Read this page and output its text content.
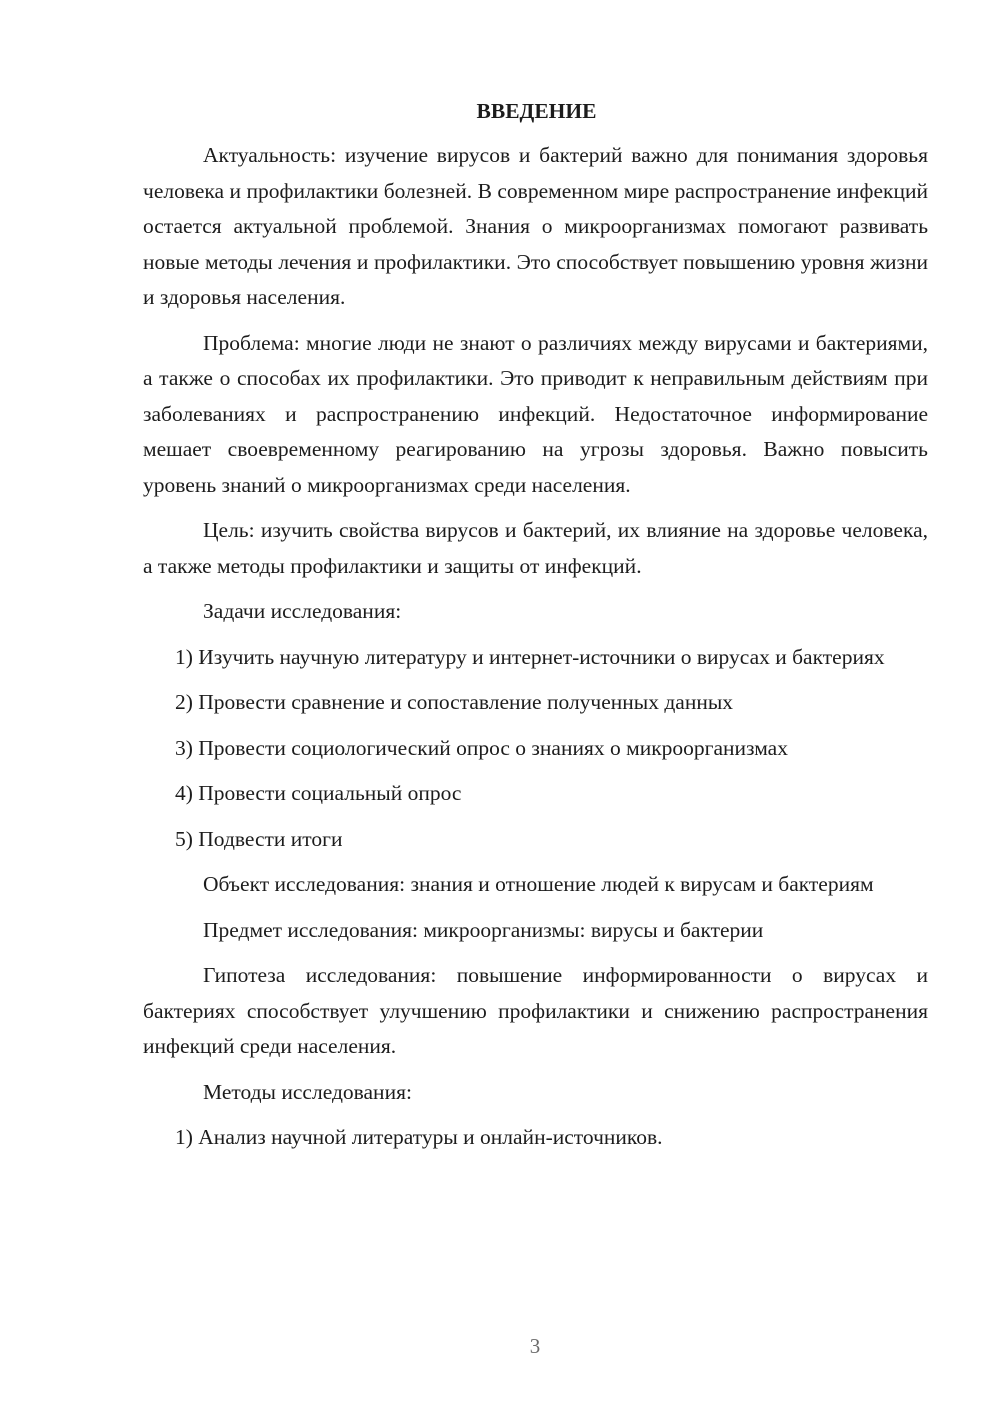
ВВЕДЕНИЕ

Актуальность: изучение вирусов и бактерий важно для понимания здоровья человека и профилактики болезней. В современном мире распространение инфекций остается актуальной проблемой. Знания о микроорганизмах помогают развивать новые методы лечения и профилактики. Это способствует повышению уровня жизни и здоровья населения.

Проблема: многие люди не знают о различиях между вирусами и бактериями, а также о способах их профилактики. Это приводит к неправильным действиям при заболеваниях и распространению инфекций. Недостаточное информирование мешает своевременному реагированию на угрозы здоровья. Важно повысить уровень знаний о микроорганизмах среди населения.

Цель: изучить свойства вирусов и бактерий, их влияние на здоровье человека, а также методы профилактики и защиты от инфекций.

Задачи исследования:

1) Изучить научную литературу и интернет-источники о вирусах и бактериях

2) Провести сравнение и сопоставление полученных данных

3) Провести социологический опрос о знаниях о микроорганизмах

4) Провести социальный опрос

5) Подвести итоги

Объект исследования: знания и отношение людей к вирусам и бактериям

Предмет исследования: микроорганизмы: вирусы и бактерии

Гипотеза исследования: повышение информированности о вирусах и бактериях способствует улучшению профилактики и снижению распространения инфекций среди населения.

Методы исследования:

1) Анализ научной литературы и онлайн-источников.

3
